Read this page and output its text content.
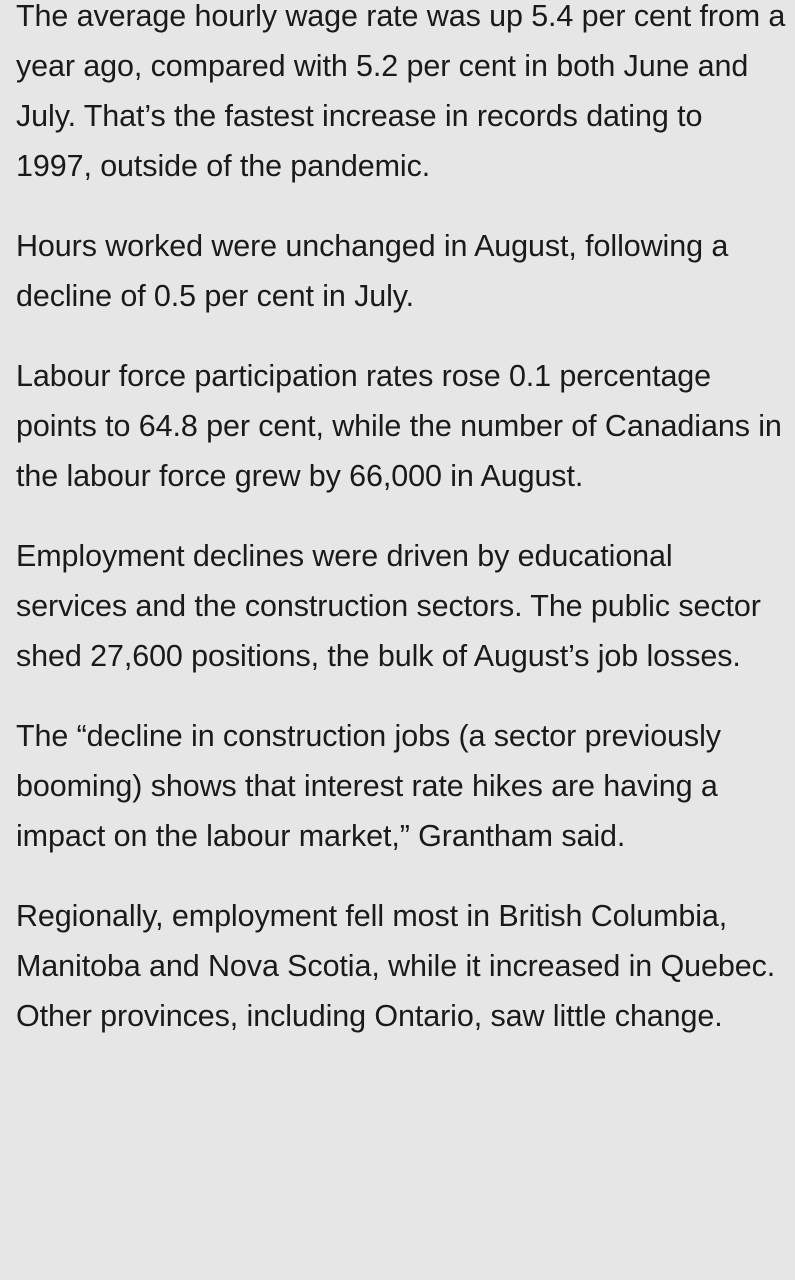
The average hourly wage rate was up 5.4 per cent from a year ago, compared with 5.2 per cent in both June and July. That’s the fastest increase in records dating to 1997, outside of the pandemic.

Hours worked were unchanged in August, following a decline of 0.5 per cent in July.

Labour force participation rates rose 0.1 percentage points to 64.8 per cent, while the number of Canadians in the labour force grew by 66,000 in August.

Employment declines were driven by educational services and the construction sectors. The public sector shed 27,600 positions, the bulk of August’s job losses.

The “decline in construction jobs (a sector previously booming) shows that interest rate hikes are having a impact on the labour market,” Grantham said.

Regionally, employment fell most in British Columbia, Manitoba and Nova Scotia, while it increased in Quebec. Other provinces, including Ontario, saw little change.
